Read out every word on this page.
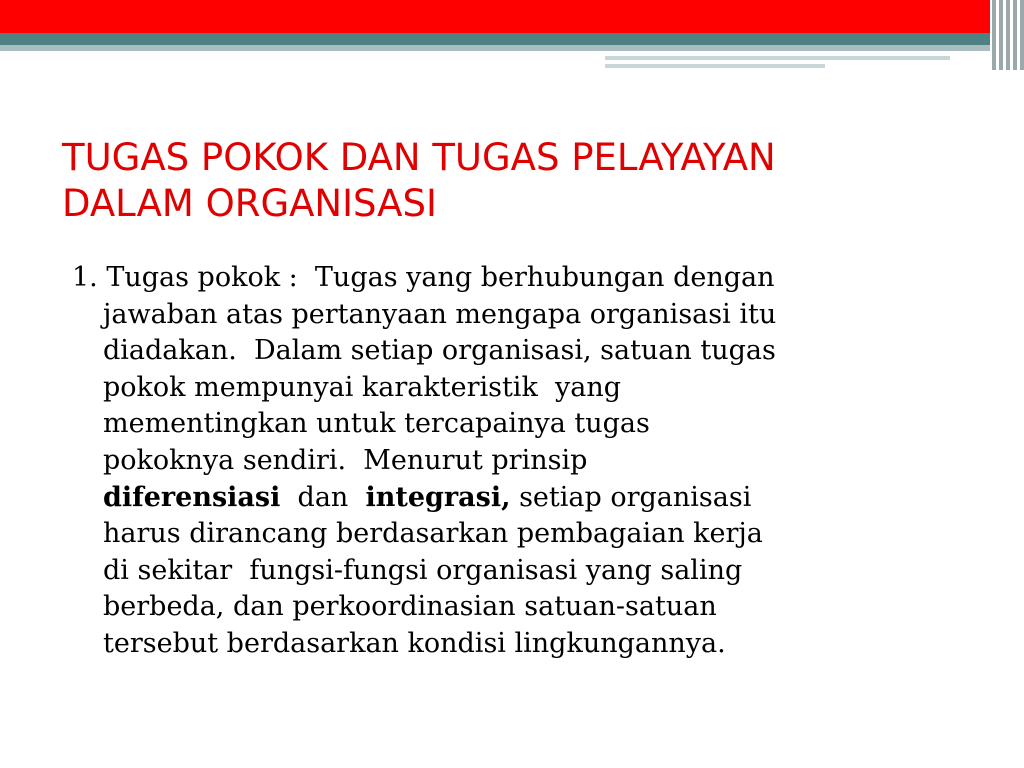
TUGAS POKOK DAN TUGAS PELAYAYAN
DALAM ORGANISASI
1. Tugas pokok :  Tugas yang berhubungan dengan
jawaban atas pertanyaan mengapa organisasi itu
diadakan.  Dalam setiap organisasi, satuan tugas
pokok mempunyai karakteristik  yang
mementingkan untuk tercapainya tugas
pokoknya sendiri.  Menurut prinsip
diferensiasi  dan  integrasi, setiap organisasi
harus dirancang berdasarkan pembagaian kerja
di sekitar  fungsi-fungsi organisasi yang saling
berbeda, dan perkoordinasian satuan-satuan
tersebut berdasarkan kondisi lingkungannya.
